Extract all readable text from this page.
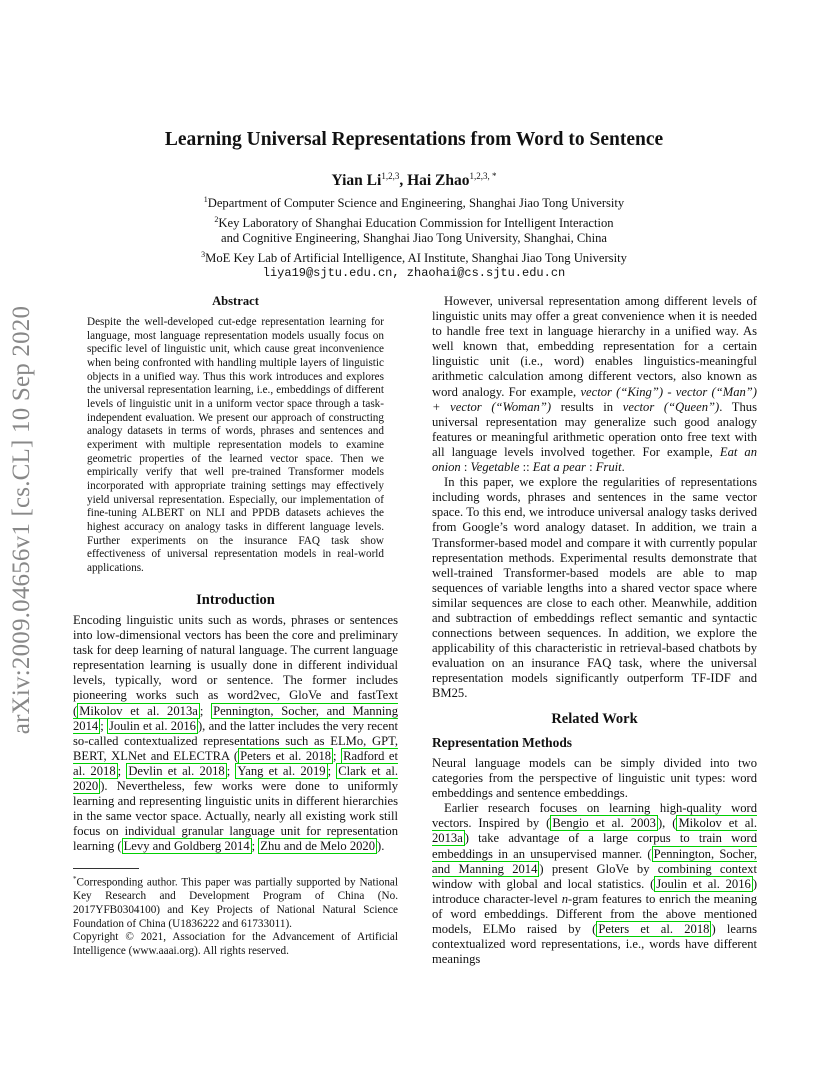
arXiv:2009.04656v1 [cs.CL] 10 Sep 2020
Learning Universal Representations from Word to Sentence
Yian Li$^{1,2,3}$, Hai Zhao$^{1,2,3, *}$
$^1$Department of Computer Science and Engineering, Shanghai Jiao Tong University
$^2$Key Laboratory of Shanghai Education Commission for Intelligent Interaction
and Cognitive Engineering, Shanghai Jiao Tong University, Shanghai, China
$^3$MoE Key Lab of Artificial Intelligence, AI Institute, Shanghai Jiao Tong University
liya19@sjtu.edu.cn, zhaohai@cs.sjtu.edu.cn
Abstract
Despite the well-developed cut-edge representation learning for language, most language representation models usually focus on specific level of linguistic unit, which cause great inconvenience when being confronted with handling multiple layers of linguistic objects in a unified way. Thus this work introduces and explores the universal representation learning, i.e., embeddings of different levels of linguistic unit in a uniform vector space through a task-independent evaluation. We present our approach of constructing analogy datasets in terms of words, phrases and sentences and experiment with multiple representation models to examine geometric properties of the learned vector space. Then we empirically verify that well pre-trained Transformer models incorporated with appropriate training settings may effectively yield universal representation. Especially, our implementation of fine-tuning ALBERT on NLI and PPDB datasets achieves the highest accuracy on analogy tasks in different language levels. Further experiments on the insurance FAQ task show effectiveness of universal representation models in real-world applications.
Introduction

Encoding linguistic units such as words, phrases or sentences into low-dimensional vectors has been the core and preliminary task for deep learning of natural language. The current language representation learning is usually done in different individual levels, typically, word or sentence. The former includes pioneering works such as word2vec, GloVe and fastText ( Mikolov et al. 2013a ; Pennington, Socher, and Manning 2014 ; Joulin et al. 2016 ), and the latter includes the very recent so-called contextualized representations such as ELMo, GPT, BERT, XLNet and ELECTRA ( Peters et al. 2018 ; Radford et al. 2018 ; Devlin et al. 2018 ; Yang et al. 2019 ; Clark et al. 2020 ). Nevertheless, few works were done to uniformly learning and representing linguistic units in different hierarchies in the same vector space. Actually, nearly all existing work still focus on individual granular language unit for representation learning ( Levy and Goldberg 2014 ; Zhu and de Melo 2020 ).

*Corresponding author. This paper was partially supported by National Key Research and Development Program of China (No. 2017YFB0304100) and Key Projects of National Natural Science Foundation of China (U1836222 and 61733011).

Copyright © 2021, Association for the Advancement of Artificial Intelligence (www.aaai.org). All rights reserved.

However, universal representation among different levels of linguistic units may offer a great convenience when it is needed to handle free text in language hierarchy in a unified way. As well known that, embedding representation for a certain linguistic unit (i.e., word) enables linguistics-meaningful arithmetic calculation among different vectors, also known as word analogy. For example, vector (“King”) - vector (“Man”) + vector (“Woman”) results in vector (“Queen”). Thus universal representation may generalize such good analogy features or meaningful arithmetic operation onto free text with all language levels involved together. For example, Eat an onion : Vegetable :: Eat a pear : Fruit.

In this paper, we explore the regularities of representations including words, phrases and sentences in the same vector space. To this end, we introduce universal analogy tasks derived from Google’s word analogy dataset. In addition, we train a Transformer-based model and compare it with currently popular representation methods. Experimental results demonstrate that well-trained Transformer-based models are able to map sequences of variable lengths into a shared vector space where similar sequences are close to each other. Meanwhile, addition and subtraction of embeddings reflect semantic and syntactic connections between sequences. In addition, we explore the applicability of this characteristic in retrieval-based chatbots by evaluation on an insurance FAQ task, where the universal representation models significantly outperform TF-IDF and BM25.

Related Work
Representation Methods

Neural language models can be simply divided into two categories from the perspective of linguistic unit types: word embeddings and sentence embeddings.

Earlier research focuses on learning high-quality word vectors. Inspired by ( Bengio et al. 2003 ), ( Mikolov et al. 2013a ) take advantage of a large corpus to train word embeddings in an unsupervised manner. ( Pennington, Socher, and Manning 2014 ) present GloVe by combining context window with global and local statistics. ( Joulin et al. 2016 ) introduce character-level n-gram features to enrich the meaning of word embeddings. Different from the above mentioned models, ELMo raised by ( Peters et al. 2018 ) learns contextualized word representations, i.e., words have different meanings
